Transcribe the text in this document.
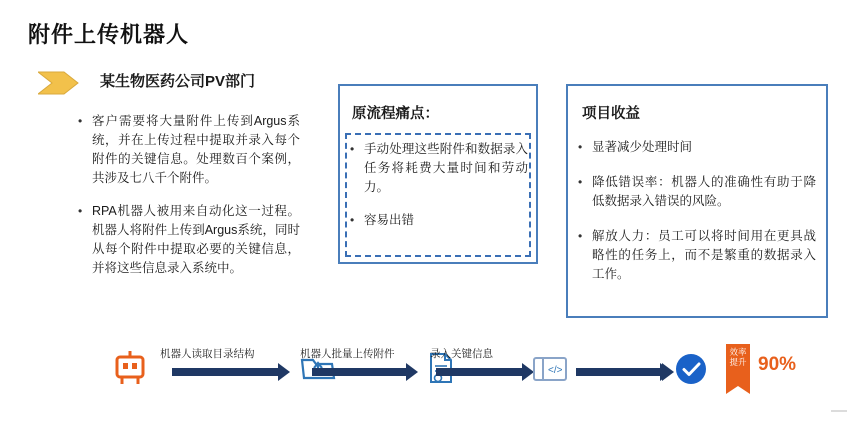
附件上传机器人
某生物医药公司PV部门
• 客户需要将大量附件上传到Argus系统，并在上传过程中提取并录入每个附件的关键信息。处理数百个案例，共涉及七八千个附件。
• RPA机器人被用来自动化这一过程。机器人将附件上传到Argus系统，同时从每个附件中提取必要的关键信息，并将这些信息录入系统中。
原流程痛点：
• 手动处理这些附件和数据录入任务将耗费大量时间和劳动力。
• 容易出错
项目收益
• 显著减少处理时间
• 降低错误率：机器人的准确性有助于降低数据录入错误的风险。
• 解放人力：员工可以将时间用在更具战略性的任务上，而不是繁重的数据录入工作。
机器人读取目录结构	机器人批量上传附件	录入关键信息
</>
效率提升 90%
